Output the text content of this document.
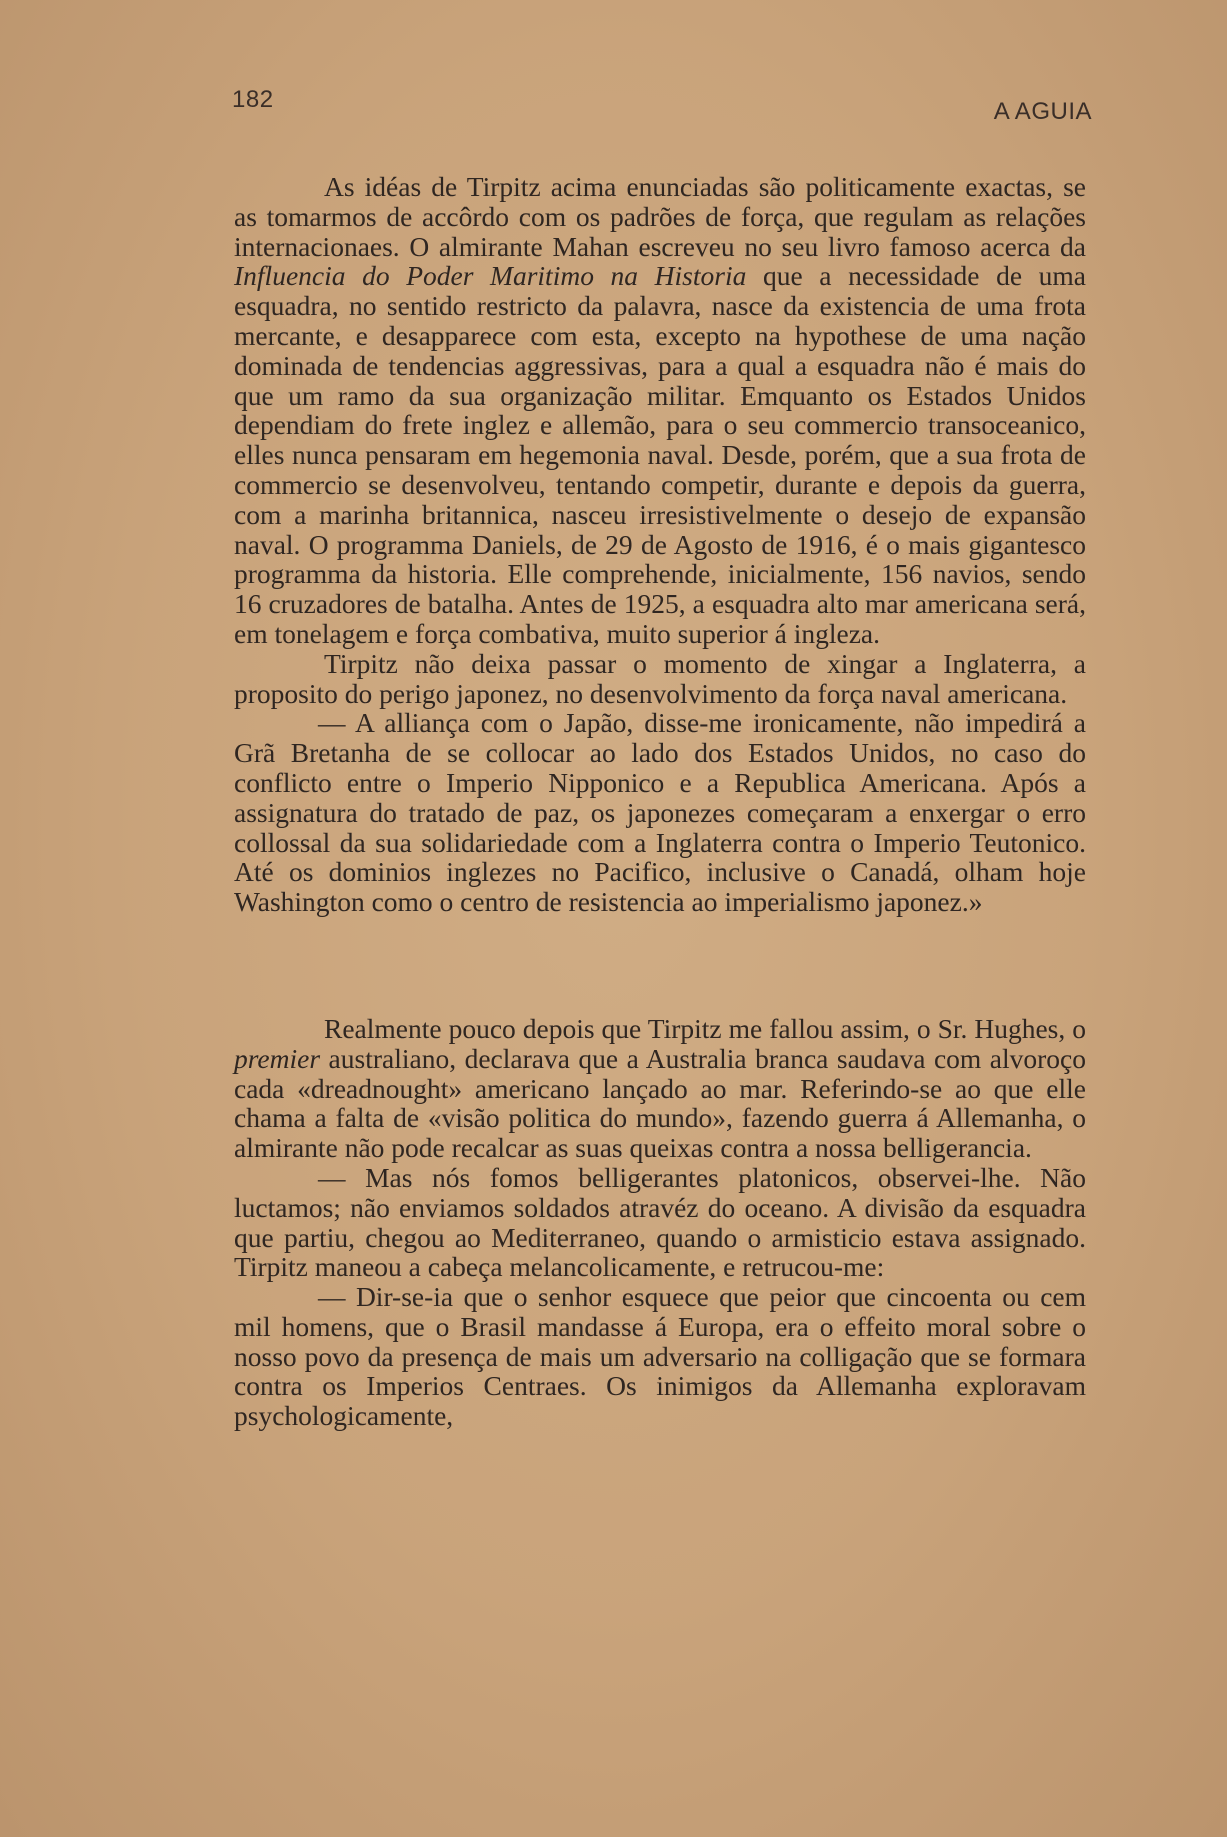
182	A AGUIA

As idéas de Tirpitz acima enunciadas são politicamente exactas, se as tomarmos de accôrdo com os padrões de força, que regulam as relações internacionaes. O almirante Mahan escreveu no seu livro famoso acerca da Influencia do Poder Maritimo na Historia que a necessidade de uma esquadra, no sentido restricto da palavra, nasce da existencia de uma frota mercante, e desapparece com esta, excepto na hypothese de uma nação dominada de tendencias aggressivas, para a qual a esquadra não é mais do que um ramo da sua organização militar. Emquanto os Estados Unidos dependiam do frete inglez e allemão, para o seu commercio transoceanico, elles nunca pensaram em hegemonia naval. Desde, porém, que a sua frota de commercio se desenvolveu, tentando competir, durante e depois da guerra, com a marinha britannica, nasceu irresistivelmente o desejo de expansão naval. O programma Daniels, de 29 de Agosto de 1916, é o mais gigantesco programma da historia. Elle comprehende, inicialmente, 156 navios, sendo 16 cruzadores de batalha. Antes de 1925, a esquadra alto mar americana será, em tonelagem e força combativa, muito superior á ingleza.

Tirpitz não deixa passar o momento de xingar a Inglaterra, a proposito do perigo japonez, no desenvolvimento da força naval americana.

— A alliança com o Japão, disse-me ironicamente, não impedirá a Grã Bretanha de se collocar ao lado dos Estados Unidos, no caso do conflicto entre o Imperio Nipponico e a Republica Americana. Após a assignatura do tratado de paz, os japonezes começaram a enxergar o erro collossal da sua solidariedade com a Inglaterra contra o Imperio Teutonico. Até os dominios inglezes no Pacifico, inclusive o Canadá, olham hoje Washington como o centro de resistencia ao imperialismo japonez.»

Realmente pouco depois que Tirpitz me fallou assim, o Sr. Hughes, o premier australiano, declarava que a Australia branca saudava com alvoroço cada «dreadnought» americano lançado ao mar. Referindo-se ao que elle chama a falta de «visão politica do mundo», fazendo guerra á Allemanha, o almirante não pode recalcar as suas queixas contra a nossa belligerancia.

— Mas nós fomos belligerantes platonicos, observei-lhe. Não luctamos; não enviamos soldados atravéz do oceano. A divisão da esquadra que partiu, chegou ao Mediterraneo, quando o armisticio estava assignado. Tirpitz maneou a cabeça melancolicamente, e retrucou-me:

— Dir-se-ia que o senhor esquece que peior que cincoenta ou cem mil homens, que o Brasil mandasse á Europa, era o effeito moral sobre o nosso povo da presença de mais um adversario na colligação que se formara contra os Imperios Centraes. Os inimigos da Allemanha exploravam psychologicamente,
